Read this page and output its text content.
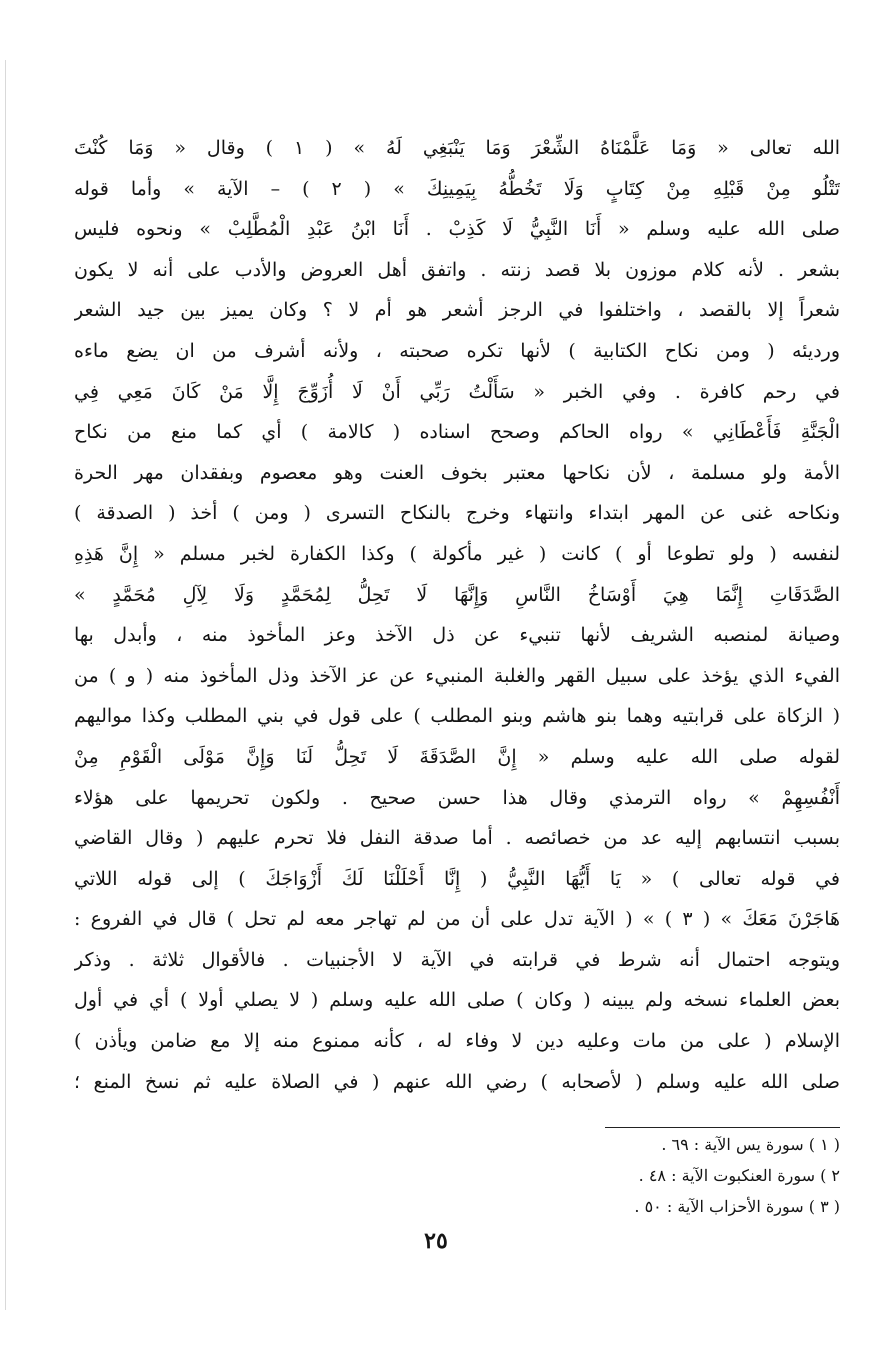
الله تعالى « وَمَا عَلَّمْنَاهُ الشِّعْرَ وَمَا يَنْبَغِي لَهُ » ( ١ ) وقال « وَمَا كُنْتَ
تَتْلُو مِنْ قَبْلِهِ مِنْ كِتَابٍ وَلَا تَخُطُّهُ بِيَمِينِكَ » ( ٢ ) – الآية » وأما قوله
صلى الله عليه وسلم « أَنَا النَّبِيُّ لَا كَذِبْ . أَنَا ابْنُ عَبْدِ الْمُطَّلِبْ » ونحوه فليس
بشعر . لأنه كلام موزون بلا قصد زنته . واتفق أهل العروض والأدب على أنه لا يكون
شعراً إلا بالقصد ، واختلفوا في الرجز أشعر هو أم لا ؟ وكان يميز بين جيد الشعر
ورديئه ( ومن نكاح الكتابية ) لأنها تكره صحبته ، ولأنه أشرف من ان يضع ماءه
في رحم كافرة . وفي الخبر « سَأَلْتُ رَبِّي أَنْ لَا أُزَوِّجَ إِلَّا مَنْ كَانَ مَعِي فِي
الْجَنَّةِ فَأَعْطَانِي » رواه الحاكم وصحح اسناده ( كالامة ) أي كما منع من نكاح
الأمة ولو مسلمة ، لأن نكاحها معتبر بخوف العنت وهو معصوم وبفقدان مهر الحرة
ونكاحه غنى عن المهر ابتداء وانتهاء وخرج بالنكاح التسرى ( ومن ) أخذ ( الصدقة )
لنفسه ( ولو تطوعا أو ) كانت ( غير مأكولة ) وكذا الكفارة لخبر مسلم « إِنَّ هَذِهِ
الصَّدَقَاتِ إِنَّمَا هِيَ أَوْسَاخُ النَّاسِ وَإِنَّهَا لَا تَحِلُّ لِمُحَمَّدٍ وَلَا لِآلِ مُحَمَّدٍ »
وصيانة لمنصبه الشريف لأنها تنبيء عن ذل الآخذ وعز المأخوذ منه ، وأبدل بها
الفيء الذي يؤخذ على سبيل القهر والغلبة المنبيء عن عز الآخذ وذل المأخوذ منه ( و ) من
( الزكاة على قرابتيه وهما بنو هاشم وبنو المطلب ) على قول في بني المطلب وكذا مواليهم
لقوله صلى الله عليه وسلم « إِنَّ الصَّدَقَةَ لَا تَحِلُّ لَنَا وَإِنَّ مَوْلَى الْقَوْمِ مِنْ
أَنْفُسِهِمْ » رواه الترمذي وقال هذا حسن صحيح . ولكون تحريمها على هؤلاء
بسبب انتسابهم إليه عد من خصائصه . أما صدقة النفل فلا تحرم عليهم ( وقال القاضي
في قوله تعالى ) « يَا أَيُّهَا النَّبِيُّ ( إِنَّا أَحْلَلْنَا لَكَ أَزْوَاجَكَ ) إلى قوله اللاتي
هَاجَرْنَ مَعَكَ » ( ٣ ) » ( الآية تدل على أن من لم تهاجر معه لم تحل ) قال في الفروع :
ويتوجه احتمال أنه شرط في قرابته في الآية لا الأجنبيات . فالأقوال ثلاثة . وذكر
بعض العلماء نسخه ولم يبينه ( وكان ) صلى الله عليه وسلم ( لا يصلي أولا ) أي في أول
الإسلام ( على من مات وعليه دين لا وفاء له ، كأنه ممنوع منه إلا مع ضامن ويأذن )
صلى الله عليه وسلم ( لأصحابه ) رضي الله عنهم ( في الصلاة عليه ثم نسخ المنع ؛
( ١ ) سورة يس الآية : ٦٩ .
٢ ) سورة العنكبوت الآية : ٤٨ .
( ٣ ) سورة الأحزاب الآية : ٥٠ .
٢٥
